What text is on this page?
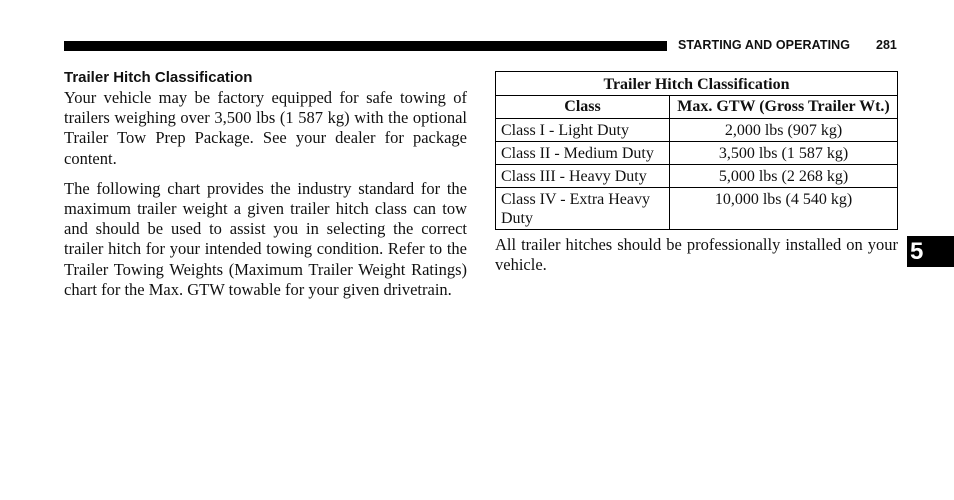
STARTING AND OPERATING 281
5
Trailer Hitch Classification

Your vehicle may be factory equipped for safe towing of trailers weighing over 3,500 lbs (1 587 kg) with the optional Trailer Tow Prep Package. See your dealer for package content.

The following chart provides the industry standard for the maximum trailer weight a given trailer hitch class can tow and should be used to assist you in selecting the correct trailer hitch for your intended towing condition. Refer to the Trailer Towing Weights (Maximum Trailer Weight Ratings) chart for the Max. GTW towable for your given drivetrain.

Trailer Hitch Classification	
Class	Max. GTW (Gross Trailer Wt.)
Class I - Light Duty	2,000 lbs (907 kg)
Class II - Medium Duty	3,500 lbs (1 587 kg)
Class III - Heavy Duty	5,000 lbs (2 268 kg)
Class IV - Extra Heavy Duty	10,000 lbs (4 540 kg)

All trailer hitches should be professionally installed on your vehicle.
